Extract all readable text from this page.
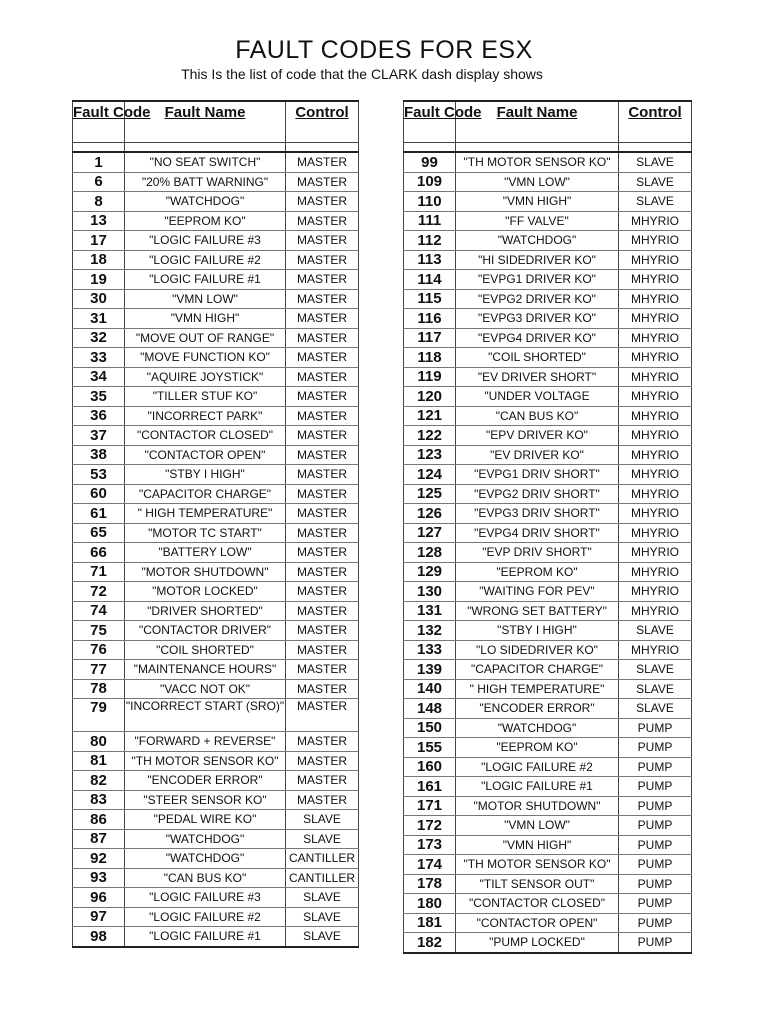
FAULT CODES FOR ESX
This Is the list of code that the CLARK dash display shows
Fault Code	Fault Name	Control

1	"NO SEAT SWITCH"	MASTER
6	"20% BATT WARNING"	MASTER
8	"WATCHDOG"	MASTER
13	"EEPROM KO"	MASTER
17	"LOGIC FAILURE #3	MASTER
18	"LOGIC FAILURE #2	MASTER
19	"LOGIC FAILURE #1	MASTER
30	"VMN LOW"	MASTER
31	"VMN HIGH"	MASTER
32	"MOVE OUT OF RANGE"	MASTER
33	"MOVE FUNCTION KO"	MASTER
34	"AQUIRE JOYSTICK"	MASTER
35	"TILLER STUF KO"	MASTER
36	"INCORRECT PARK"	MASTER
37	"CONTACTOR CLOSED"	MASTER
38	"CONTACTOR OPEN"	MASTER
53	"STBY I HIGH"	MASTER
60	"CAPACITOR CHARGE"	MASTER
61	" HIGH TEMPERATURE"	MASTER
65	"MOTOR TC START"	MASTER
66	"BATTERY LOW"	MASTER
71	"MOTOR SHUTDOWN"	MASTER
72	"MOTOR LOCKED"	MASTER
74	"DRIVER SHORTED"	MASTER
75	"CONTACTOR DRIVER"	MASTER
76	"COIL SHORTED"	MASTER
77	"MAINTENANCE HOURS"	MASTER
78	"VACC NOT OK"	MASTER
79	"INCORRECT START (SRO)"	MASTER
80	"FORWARD + REVERSE"	MASTER
81	"TH MOTOR SENSOR KO"	MASTER
82	"ENCODER ERROR"	MASTER
83	"STEER SENSOR KO"	MASTER
86	"PEDAL WIRE KO"	SLAVE
87	"WATCHDOG"	SLAVE
92	"WATCHDOG"	CANTILLER
93	"CAN BUS KO"	CANTILLER
96	"LOGIC FAILURE #3	SLAVE
97	"LOGIC FAILURE #2	SLAVE
98	"LOGIC FAILURE #1	SLAVE
Fault Code	Fault Name	Control

99	"TH MOTOR SENSOR KO"	SLAVE
109	"VMN LOW"	SLAVE
110	"VMN HIGH"	SLAVE
111	"FF VALVE"	MHYRIO
112	"WATCHDOG"	MHYRIO
113	"HI SIDEDRIVER KO"	MHYRIO
114	"EVPG1 DRIVER KO"	MHYRIO
115	"EVPG2 DRIVER KO"	MHYRIO
116	"EVPG3 DRIVER KO"	MHYRIO
117	"EVPG4 DRIVER KO"	MHYRIO
118	"COIL SHORTED"	MHYRIO
119	"EV DRIVER SHORT"	MHYRIO
120	"UNDER VOLTAGE	MHYRIO
121	"CAN BUS KO"	MHYRIO
122	"EPV DRIVER KO"	MHYRIO
123	"EV DRIVER KO"	MHYRIO
124	"EVPG1 DRIV SHORT"	MHYRIO
125	"EVPG2 DRIV SHORT"	MHYRIO
126	"EVPG3 DRIV SHORT"	MHYRIO
127	"EVPG4 DRIV SHORT"	MHYRIO
128	"EVP DRIV SHORT"	MHYRIO
129	"EEPROM KO"	MHYRIO
130	"WAITING FOR PEV"	MHYRIO
131	"WRONG SET BATTERY"	MHYRIO
132	"STBY I HIGH"	SLAVE
133	"LO SIDEDRIVER KO"	MHYRIO
139	"CAPACITOR CHARGE"	SLAVE
140	" HIGH TEMPERATURE"	SLAVE
148	"ENCODER ERROR"	SLAVE
150	"WATCHDOG"	PUMP
155	"EEPROM KO"	PUMP
160	"LOGIC FAILURE #2	PUMP
161	"LOGIC FAILURE #1	PUMP
171	"MOTOR SHUTDOWN"	PUMP
172	"VMN LOW"	PUMP
173	"VMN HIGH"	PUMP
174	"TH MOTOR SENSOR KO"	PUMP
178	"TILT SENSOR OUT"	PUMP
180	"CONTACTOR CLOSED"	PUMP
181	"CONTACTOR OPEN"	PUMP
182	"PUMP LOCKED"	PUMP
